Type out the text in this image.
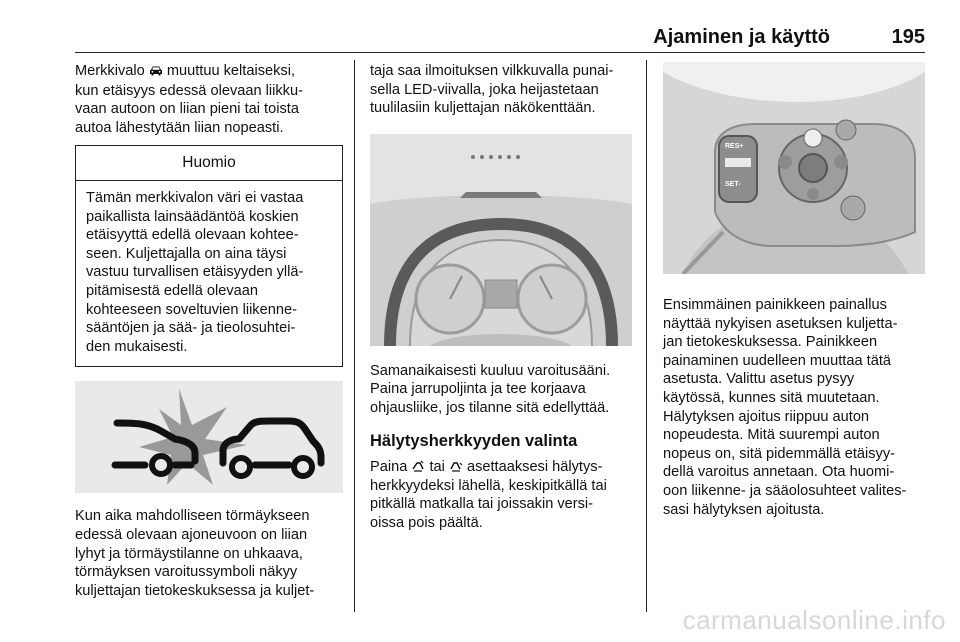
Ajaminen ja käyttö	195
Merkkivalo  muuttuu keltaiseksi,
kun etäisyys edessä olevaan liikku-
vaan autoon on liian pieni tai toista
autoa lähestytään liian nopeasti.
Huomio
Tämän merkkivalon väri ei vastaa
paikallista lainsäädäntöä koskien
etäisyyttä edellä olevaan kohtee-
seen. Kuljettajalla on aina täysi
vastuu turvallisen etäisyyden yllä-
pitämisestä edellä olevaan
kohteeseen soveltuvien liikenne-
sääntöjen ja sää- ja tieolosuhtei-
den mukaisesti.
Kun aika mahdolliseen törmäykseen
edessä olevaan ajoneuvoon on liian
lyhyt ja törmäystilanne on uhkaava,
törmäyksen varoitussymboli näkyy
kuljettajan tietokeskuksessa ja kuljet-
taja saa ilmoituksen vilkkuvalla punai-
sella LED-viivalla, joka heijastetaan
tuulilasiin kuljettajan näkökenttään.
Samanaikaisesti kuuluu varoitusääni.
Paina jarrupoljinta ja tee korjaava
ohjausliike, jos tilanne sitä edellyttää.
Hälytysherkkyyden valinta
Paina  tai  asettaaksesi hälytys-
herkkyydeksi lähellä, keskipitkällä tai
pitkällä matkalla tai joissakin versi-
oissa pois päältä.
RES+
SET-
Ensimmäinen painikkeen painallus
näyttää nykyisen asetuksen kuljetta-
jan tietokeskuksessa. Painikkeen
painaminen uudelleen muuttaa tätä
asetusta. Valittu asetus pysyy
käytössä, kunnes sitä muutetaan.
Hälytyksen ajoitus riippuu auton
nopeudesta. Mitä suurempi auton
nopeus on, sitä pidemmällä etäisyy-
dellä varoitus annetaan. Ota huomi-
oon liikenne- ja sääolosuhteet valites-
sasi hälytyksen ajoitusta.
carmanualsonline.info
